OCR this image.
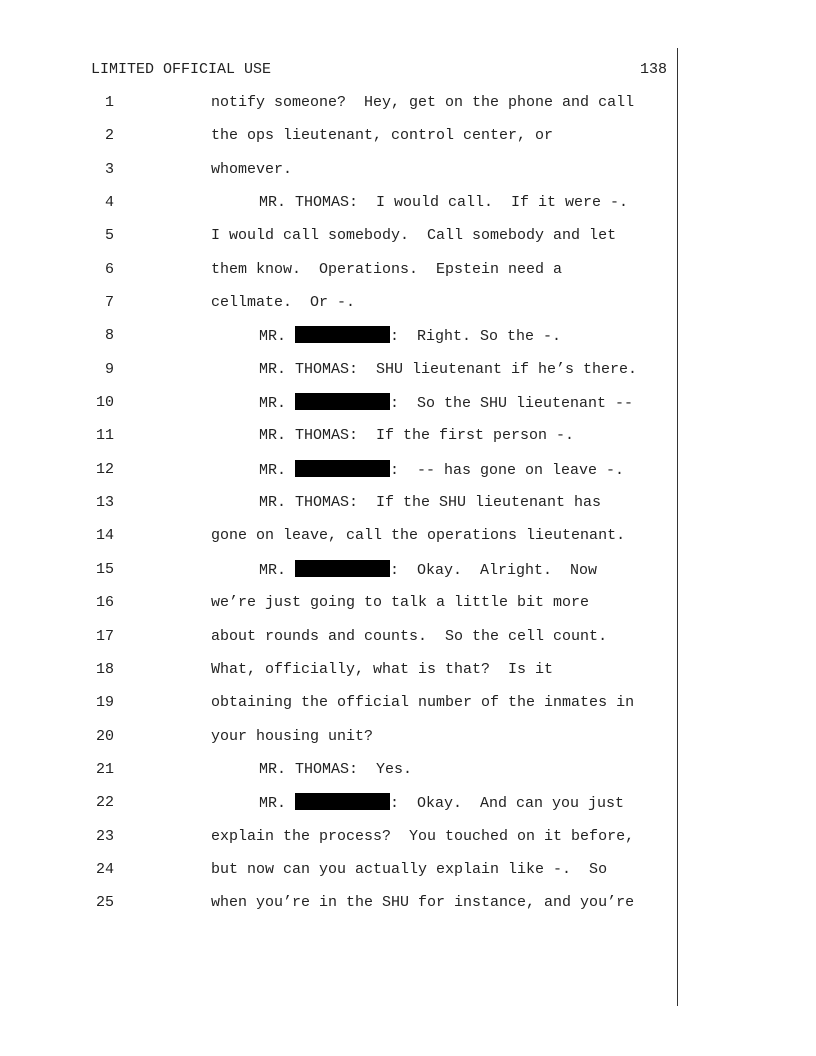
LIMITED OFFICIAL USE	138
1	notify someone?  Hey, get on the phone and call
2	the ops lieutenant, control center, or
3	whomever.
4	MR. THOMAS:  I would call.  If it were -.
5	I would call somebody.  Call somebody and let
6	them know.  Operations.  Epstein need a
7	cellmate.  Or -.
8	MR.	:  Right. So the -.
9	MR. THOMAS:  SHU lieutenant if he’s there.
10	MR.	:  So the SHU lieutenant --
11	MR. THOMAS:  If the first person -.
12	MR.	:  -- has gone on leave -.
13	MR. THOMAS:  If the SHU lieutenant has
14	gone on leave, call the operations lieutenant.
15	MR.	:  Okay.  Alright.  Now
16	we’re just going to talk a little bit more
17	about rounds and counts.  So the cell count.
18	What, officially, what is that?  Is it
19	obtaining the official number of the inmates in
20	your housing unit?
21	MR. THOMAS:  Yes.
22	MR.	:  Okay.  And can you just
23	explain the process?  You touched on it before,
24	but now can you actually explain like -.  So
25	when you’re in the SHU for instance, and you’re
